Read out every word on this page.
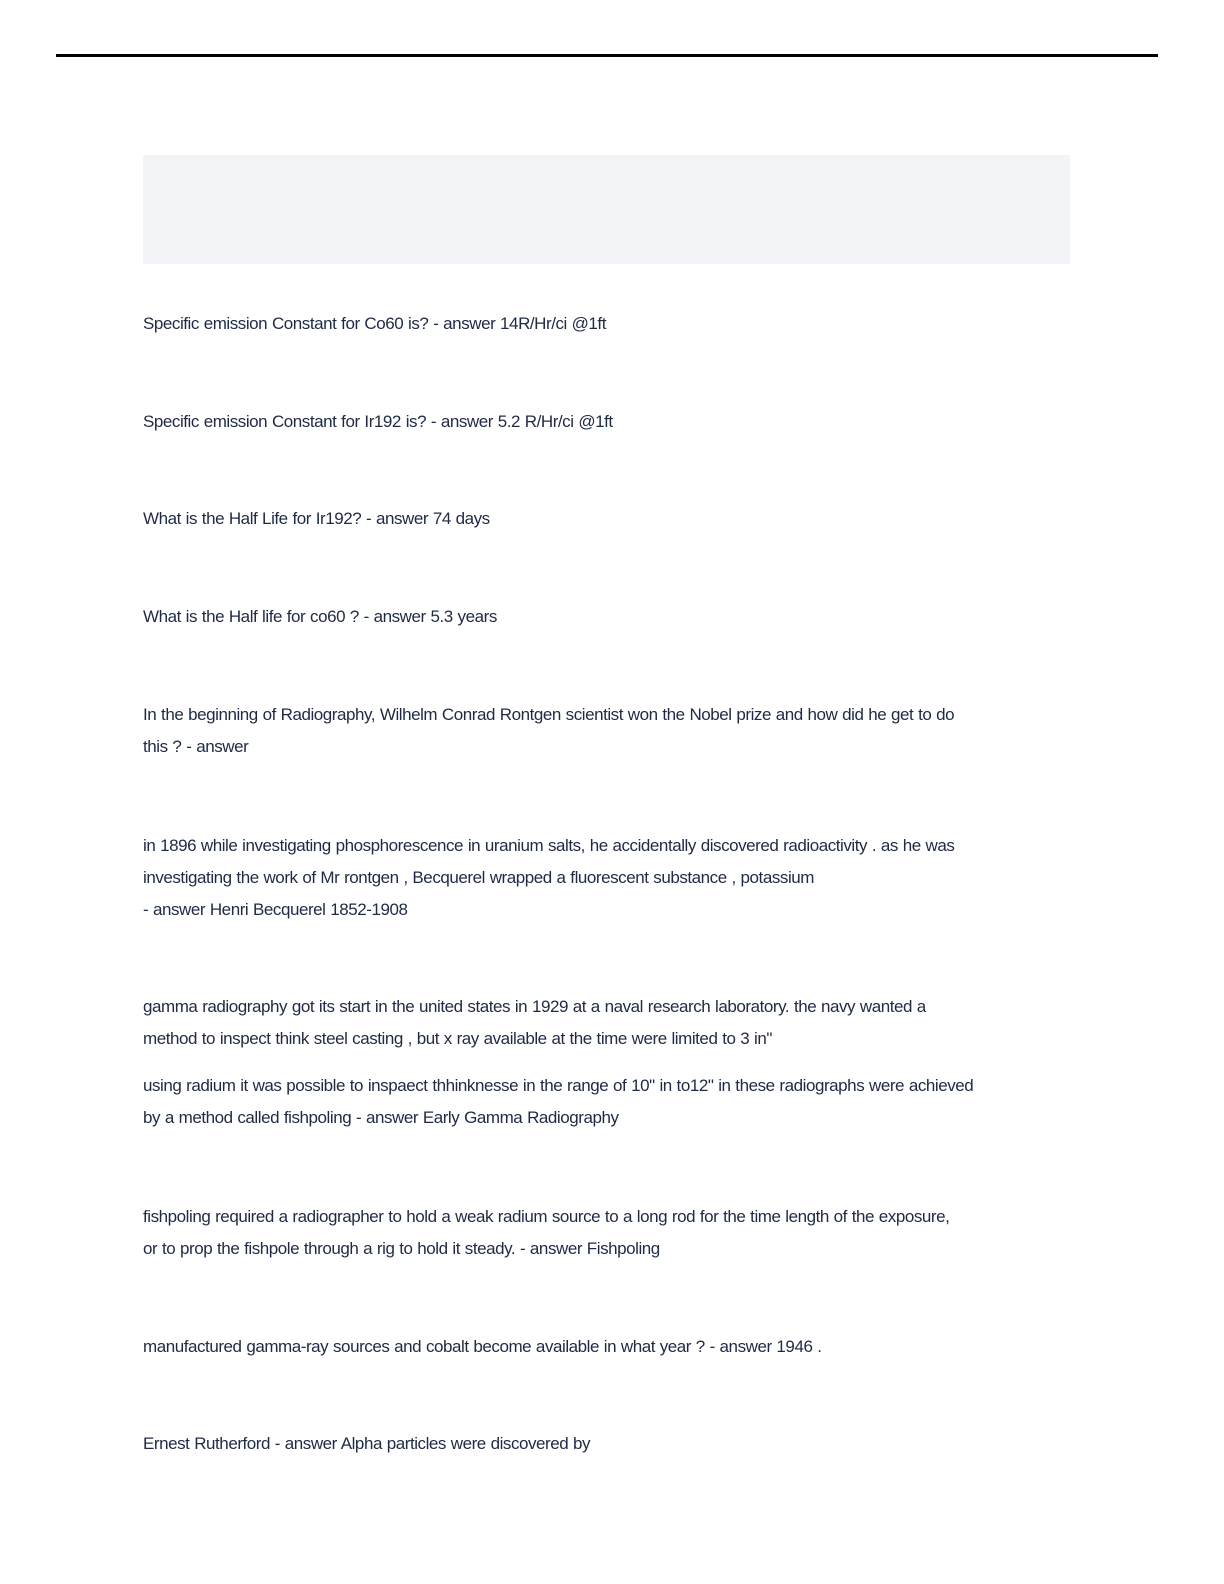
Specific emission Constant for Co60 is? - answer 14R/Hr/ci @1ft
Specific emission Constant for Ir192 is? - answer 5.2 R/Hr/ci @1ft
What is the Half Life for Ir192? - answer 74 days
What is the Half life for co60 ? - answer 5.3 years
In the beginning of Radiography, Wilhelm Conrad Rontgen scientist won the Nobel prize and how did he get to do
this ? - answer
in 1896 while investigating phosphorescence in uranium salts, he accidentally discovered radioactivity . as he was
investigating the work of Mr rontgen , Becquerel wrapped a fluorescent substance , potassium
- answer Henri Becquerel 1852-1908
gamma radiography got its start in the united states in 1929 at a naval research laboratory. the navy wanted a
method to inspect think steel casting , but x ray available at the time were limited to 3 in"
using radium it was possible to inspaect thhinknesse in the range of 10" in to12" in these radiographs were achieved
by a method called fishpoling - answer Early Gamma Radiography
fishpoling required a radiographer to hold a weak radium source to a long rod for the time length of the exposure,
or to prop the fishpole through a rig to hold it steady. - answer Fishpoling
manufactured gamma-ray sources and cobalt become available in what year ? - answer 1946 .
Ernest Rutherford - answer Alpha particles were discovered by
